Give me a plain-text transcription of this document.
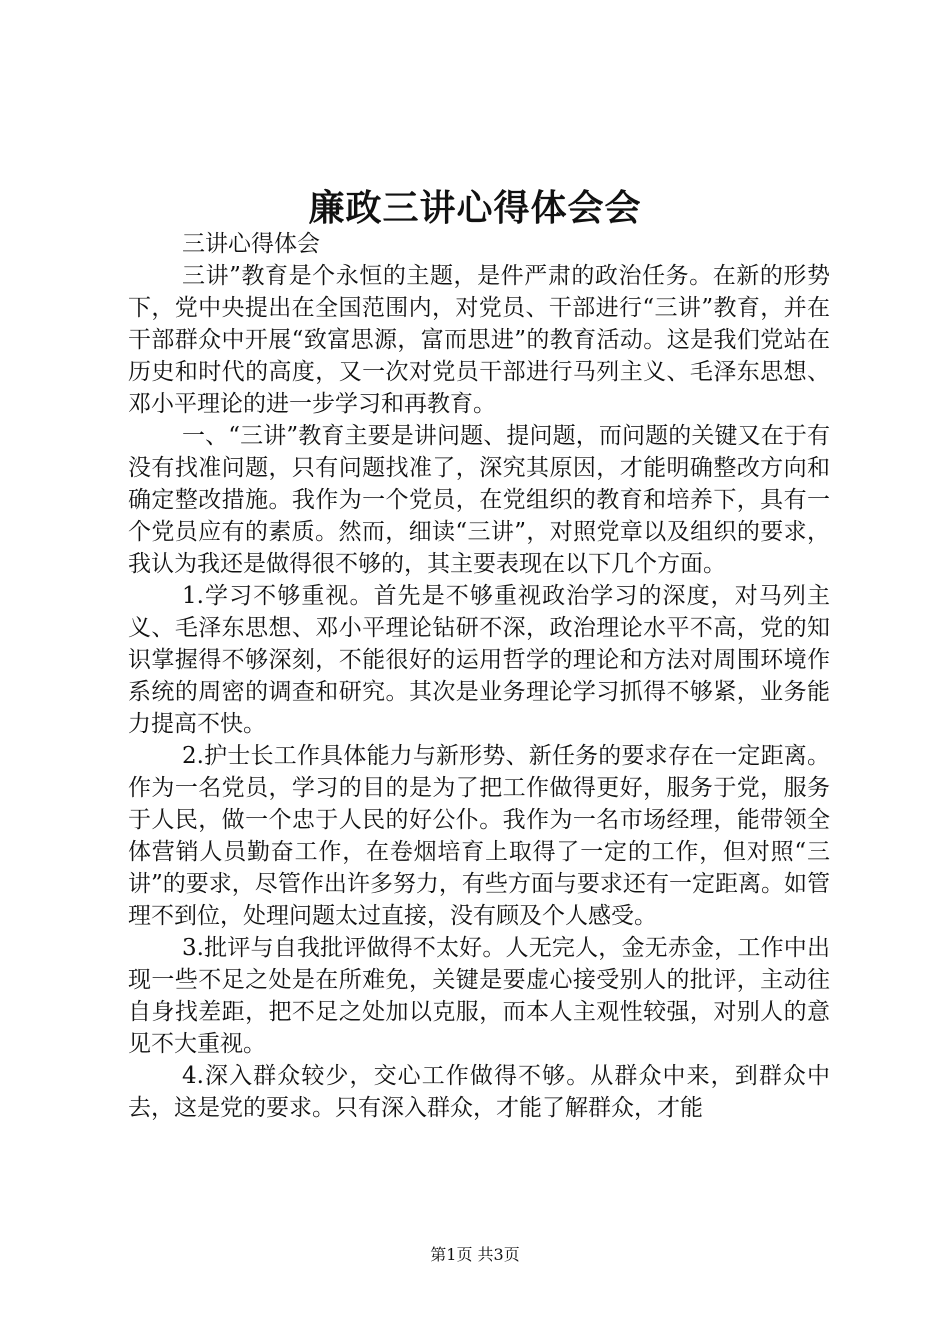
廉政三讲心得体会会

三讲心得体会

三讲”教育是个永恒的主题，是件严肃的政治任务。在新的形势下，党中央提出在全国范围内，对党员、干部进行“三讲”教育，并在干部群众中开展“致富思源，富而思进”的教育活动。这是我们党站在历史和时代的高度，又一次对党员干部进行马列主义、毛泽东思想、邓小平理论的进一步学习和再教育。

一、“三讲”教育主要是讲问题、提问题，而问题的关键又在于有没有找准问题，只有问题找准了，深究其原因，才能明确整改方向和确定整改措施。我作为一个党员，在党组织的教育和培养下，具有一个党员应有的素质。然而，细读“三讲”，对照党章以及组织的要求，我认为我还是做得很不够的，其主要表现在以下几个方面。

1.学习不够重视。首先是不够重视政治学习的深度，对马列主义、毛泽东思想、邓小平理论钻研不深，政治理论水平不高，党的知识掌握得不够深刻，不能很好的运用哲学的理论和方法对周围环境作系统的周密的调查和研究。其次是业务理论学习抓得不够紧，业务能力提高不快。

2.护士长工作具体能力与新形势、新任务的要求存在一定距离。作为一名党员，学习的目的是为了把工作做得更好，服务于党，服务于人民，做一个忠于人民的好公仆。我作为一名市场经理，能带领全体营销人员勤奋工作，在卷烟培育上取得了一定的工作，但对照“三讲”的要求，尽管作出许多努力，有些方面与要求还有一定距离。如管理不到位，处理问题太过直接，没有顾及个人感受。

3.批评与自我批评做得不太好。人无完人，金无赤金，工作中出现一些不足之处是在所难免，关键是要虚心接受别人的批评，主动往自身找差距，把不足之处加以克服，而本人主观性较强，对别人的意见不大重视。

4.深入群众较少，交心工作做得不够。从群众中来，到群众中去，这是党的要求。只有深入群众，才能了解群众，才能

第1页 共3页
